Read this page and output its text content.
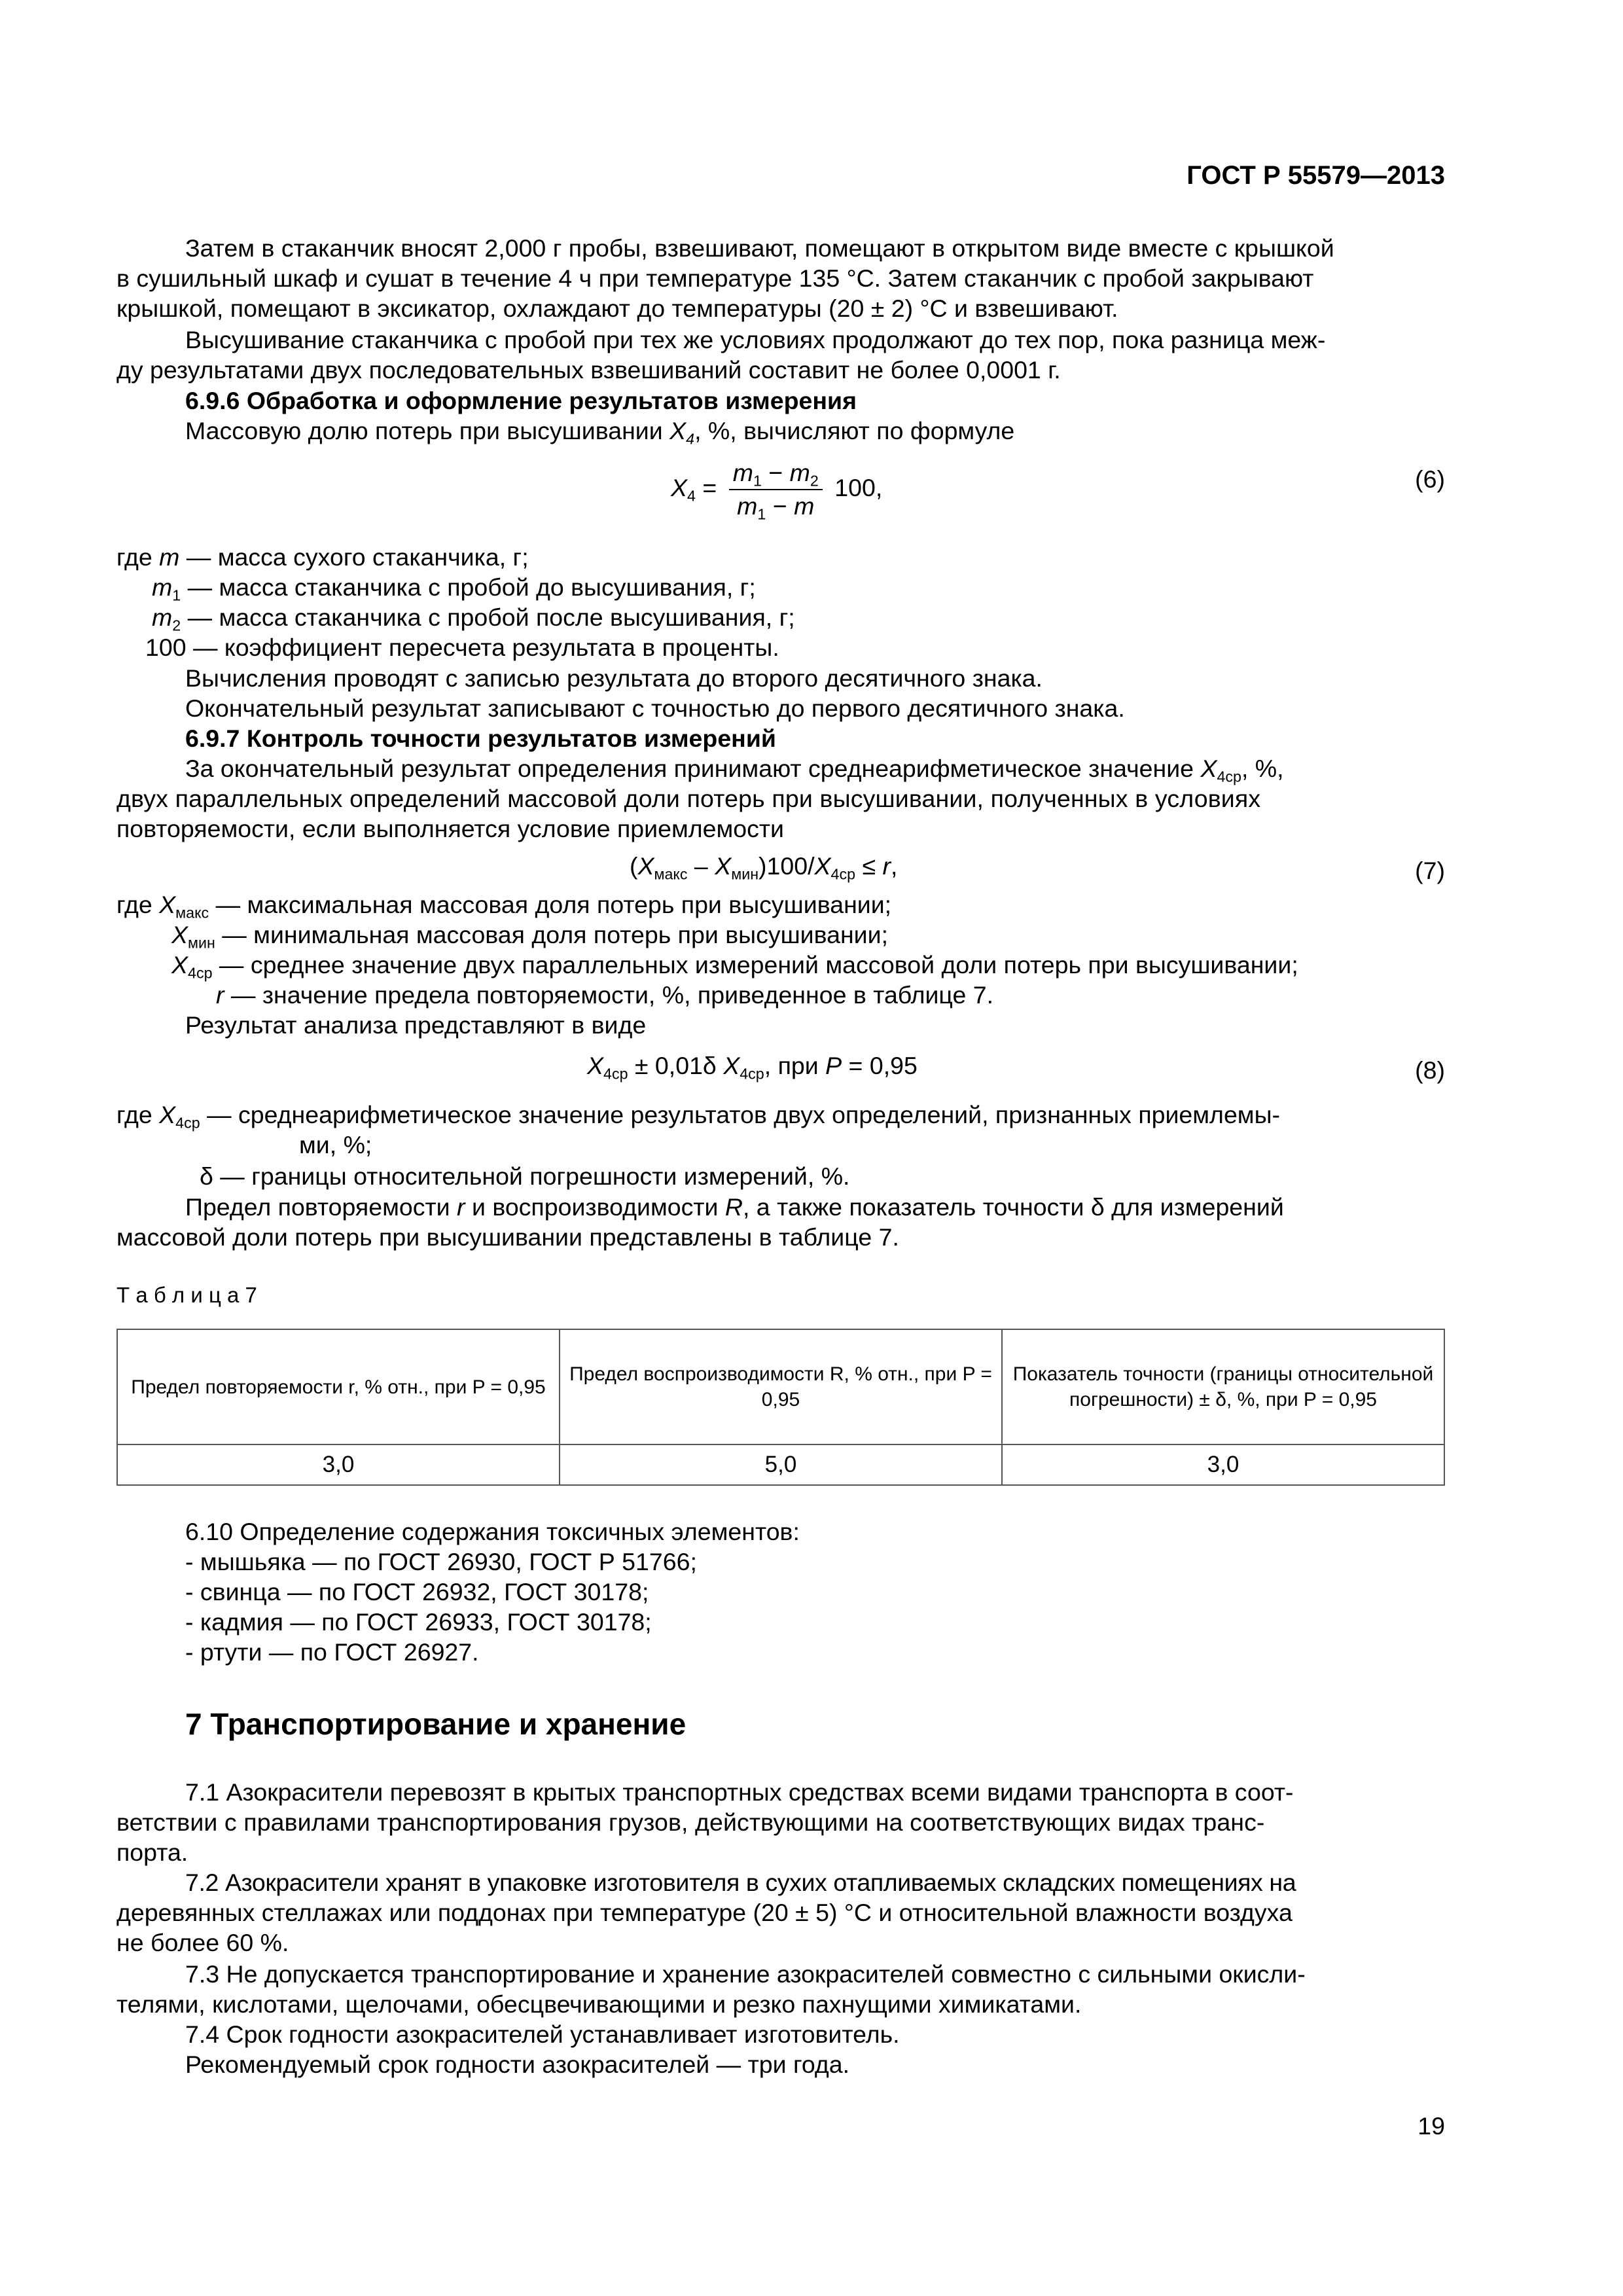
ГОСТ Р 55579—2013
Затем в стаканчик вносят 2,000 г пробы, взвешивают, помещают в открытом виде вместе с крышкой
в сушильный шкаф и сушат в течение 4 ч при температуре 135 °С. Затем стаканчик с пробой закрывают
крышкой, помещают в эксикатор, охлаждают до температуры (20 ± 2) °С и взвешивают.
Высушивание стаканчика с пробой при тех же условиях продолжают до тех пор, пока разница меж-
ду результатами двух последовательных взвешиваний составит не более 0,0001 г.
6.9.6 Обработка и оформление результатов измерения
Массовую долю потерь при высушивании $X_4$, %, вычисляют по формуле
$X_4 = \frac{m_1 - m_2}{m_1 - m} 100$,	(6)
где m — масса сухого стаканчика, г;
$m_1$ — масса стаканчика с пробой до высушивания, г;
$m_2$ — масса стаканчика с пробой после высушивания, г;
100 — коэффициент пересчета результата в проценты.
Вычисления проводят с записью результата до второго десятичного знака.
Окончательный результат записывают с точностью до первого десятичного знака.
6.9.7 Контроль точности результатов измерений
За окончательный результат определения принимают среднеарифметическое значение $X_{4ср}$, %,
двух параллельных определений массовой доли потерь при высушивании, полученных в условиях
повторяемости, если выполняется условие приемлемости
$(X_{макс} - X_{мин})100/X_{4ср} \le r$,	(7)
где $X_{макс}$ — максимальная массовая доля потерь при высушивании;
$X_{мин}$ — минимальная массовая доля потерь при высушивании;
$X_{4ср}$ — среднее значение двух параллельных измерений массовой доли потерь при высушивании;
r — значение предела повторяемости, %, приведенное в таблице 7.
Результат анализа представляют в виде
$X_{4ср} \pm 0,01\delta$ $X_{4ср}$, при P = 0,95	(8)
где $X_{4ср}$ — среднеарифметическое значение результатов двух определений, признанных приемлемы-
ми, %;
δ — границы относительной погрешности измерений, %.
Предел повторяемости r и воспроизводимости R, а также показатель точности δ для измерений
массовой доли потерь при высушивании представлены в таблице 7.
Т а б л и ц а 7
Предел повторяемости r, % отн., при P = 0,95	Предел воспроизводимости R, % отн., при P = 0,95	Показатель точности (границы относительной погрешности) ± δ, %, при P = 0,95
3,0	5,0	3,0
6.10 Определение содержания токсичных элементов:
- мышьяка — по ГОСТ 26930, ГОСТ Р 51766;
- свинца — по ГОСТ 26932, ГОСТ 30178;
- кадмия — по ГОСТ 26933, ГОСТ 30178;
- ртути — по ГОСТ 26927.
7 Транспортирование и хранение
7.1 Азокрасители перевозят в крытых транспортных средствах всеми видами транспорта в соот-
ветствии с правилами транспортирования грузов, действующими на соответствующих видах транс-
порта.
7.2 Азокрасители хранят в упаковке изготовителя в сухих отапливаемых складских помещениях на
деревянных стеллажах или поддонах при температуре (20 ± 5) °С и относительной влажности воздуха
не более 60 %.
7.3 Не допускается транспортирование и хранение азокрасителей совместно с сильными окисли-
телями, кислотами, щелочами, обесцвечивающими и резко пахнущими химикатами.
7.4 Срок годности азокрасителей устанавливает изготовитель.
Рекомендуемый срок годности азокрасителей — три года.
19
